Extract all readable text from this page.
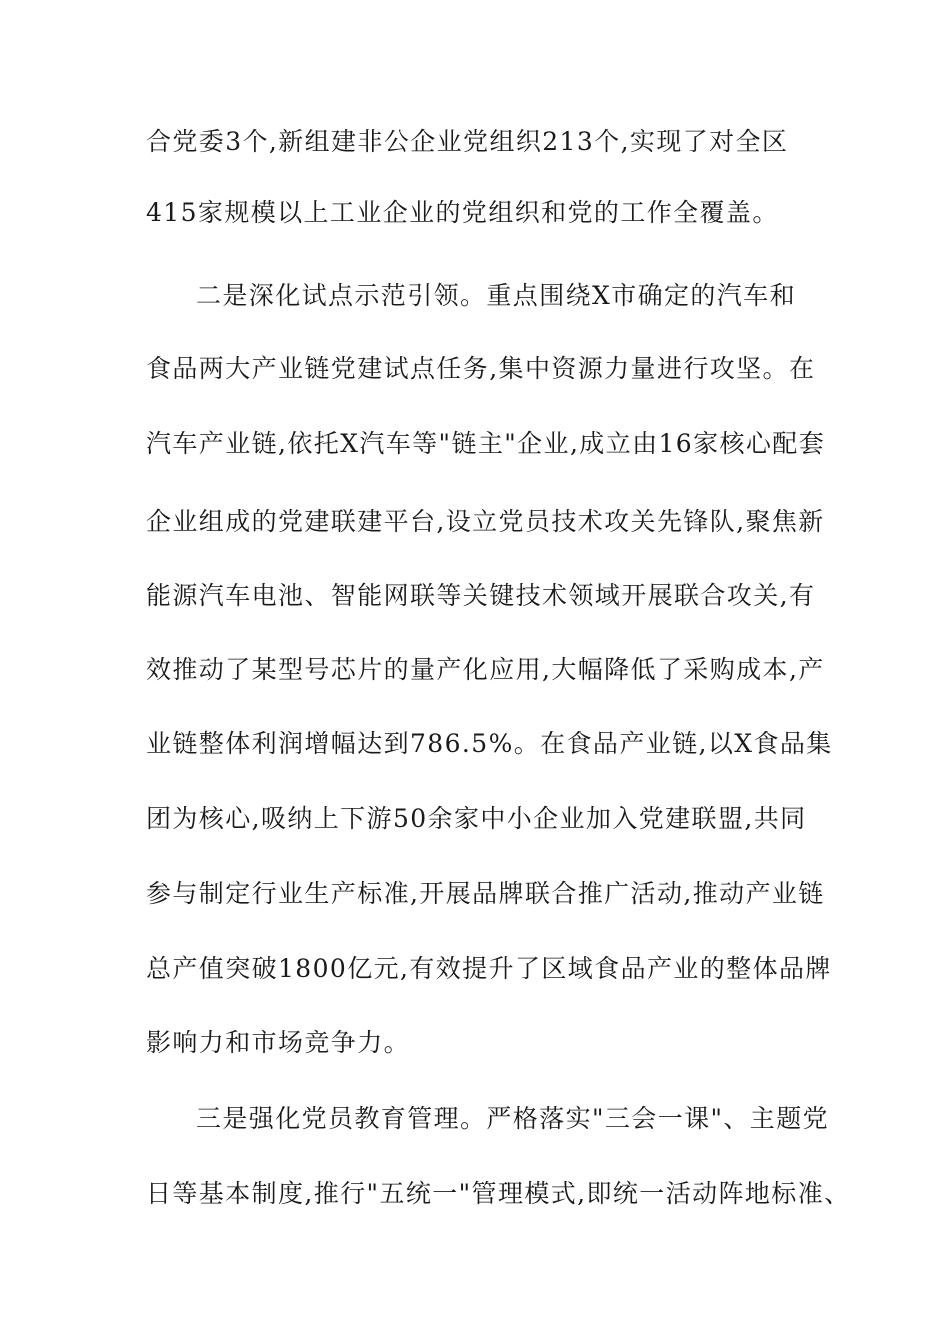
合党委3个,新组建非公企业党组织213个,实现了对全区
415家规模以上工业企业的党组织和党的工作全覆盖。
二是深化试点示范引领。重点围绕X市确定的汽车和
食品两大产业链党建试点任务,集中资源力量进行攻坚。在
汽车产业链,依托X汽车等"链主"企业,成立由16家核心配套
企业组成的党建联建平台,设立党员技术攻关先锋队,聚焦新
能源汽车电池、智能网联等关键技术领域开展联合攻关,有
效推动了某型号芯片的量产化应用,大幅降低了采购成本,产
业链整体利润增幅达到786.5%。在食品产业链,以X食品集
团为核心,吸纳上下游50余家中小企业加入党建联盟,共同
参与制定行业生产标准,开展品牌联合推广活动,推动产业链
总产值突破1800亿元,有效提升了区域食品产业的整体品牌
影响力和市场竞争力。
三是强化党员教育管理。严格落实"三会一课"、主题党
日等基本制度,推行"五统一"管理模式,即统一活动阵地标准、
